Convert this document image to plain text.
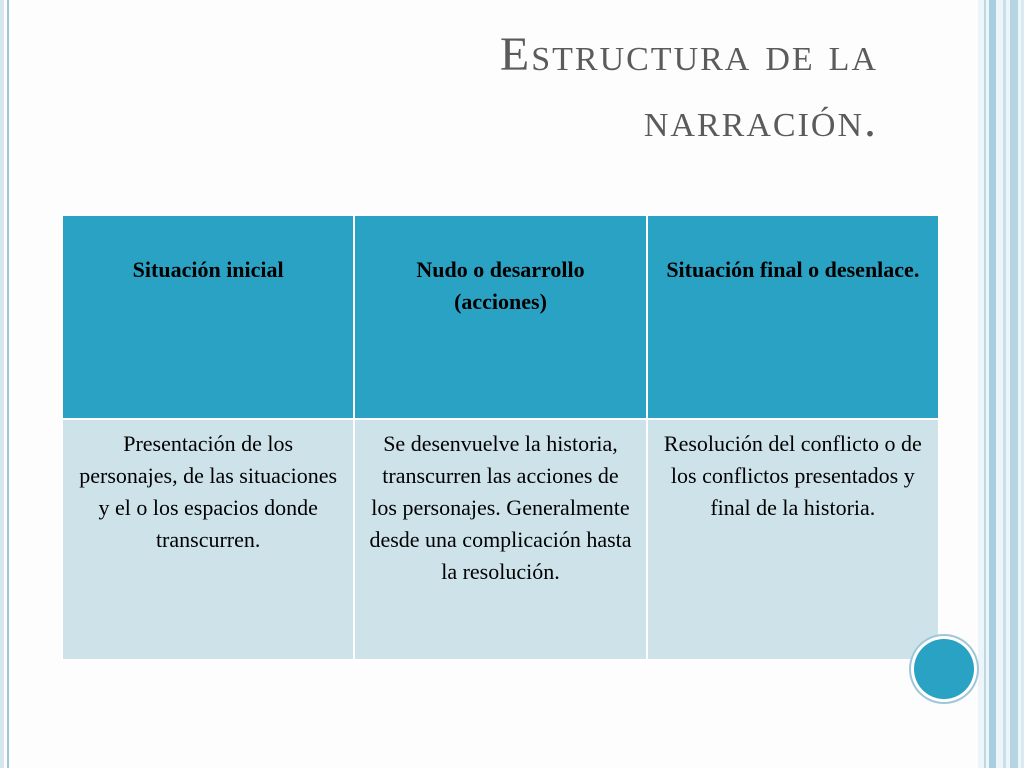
Estructura de la narración.
Situación inicial	Nudo o desarrollo (acciones)	Situación final o desenlace.
Presentación de los personajes, de las situaciones y el o los espacios donde transcurren.	Se desenvuelve la historia, transcurren las acciones de los personajes. Generalmente desde una complicación hasta la resolución.	Resolución del conflicto o de los conflictos presentados y final de la historia.
